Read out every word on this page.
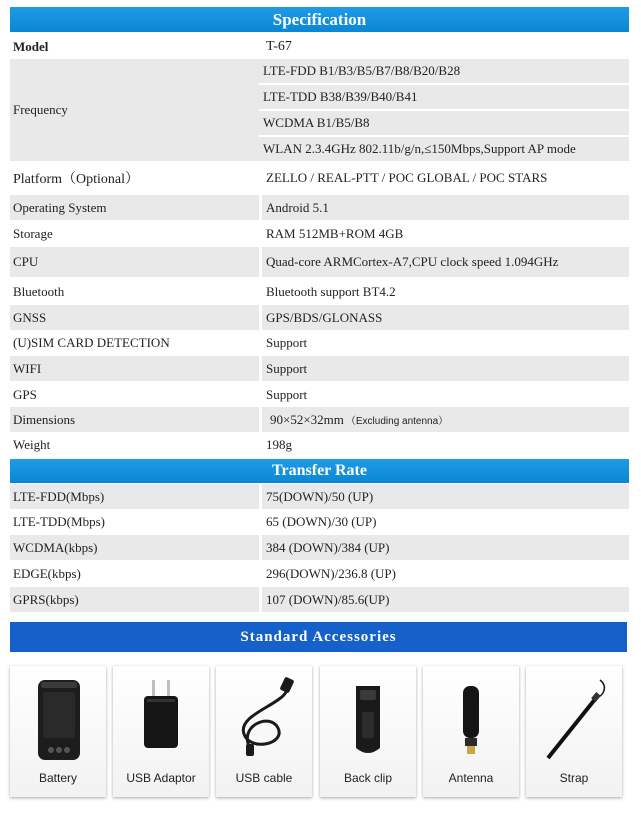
Specification
Model	T-67
Frequency
LTE-FDD B1/B3/B5/B7/B8/B20/B28
LTE-TDD B38/B39/B40/B41
WCDMA B1/B5/B8
WLAN 2.3.4GHz 802.11b/g/n,≤150Mbps,Support AP mode
Platform（Optional）	ZELLO / REAL-PTT / POC GLOBAL / POC STARS
Operating System	Android 5.1
Storage	RAM 512MB+ROM 4GB
CPU	Quad-core ARMCortex-A7,CPU clock speed 1.094GHz
Bluetooth	Bluetooth support BT4.2
GNSS	GPS/BDS/GLONASS
(U)SIM CARD DETECTION	Support
WIFI	Support
GPS	Support
Dimensions	90×52×32mm （Excluding antenna）
Weight	198g
Transfer Rate
LTE-FDD(Mbps)	75(DOWN)/50 (UP)
LTE-TDD(Mbps)	65 (DOWN)/30 (UP)
WCDMA(kbps)	384 (DOWN)/384 (UP)
EDGE(kbps)	296(DOWN)/236.8 (UP)
GPRS(kbps)	107 (DOWN)/85.6(UP)
Standard Accessories
Battery	USB Adaptor	USB cable	Back clip	Antenna	Strap
